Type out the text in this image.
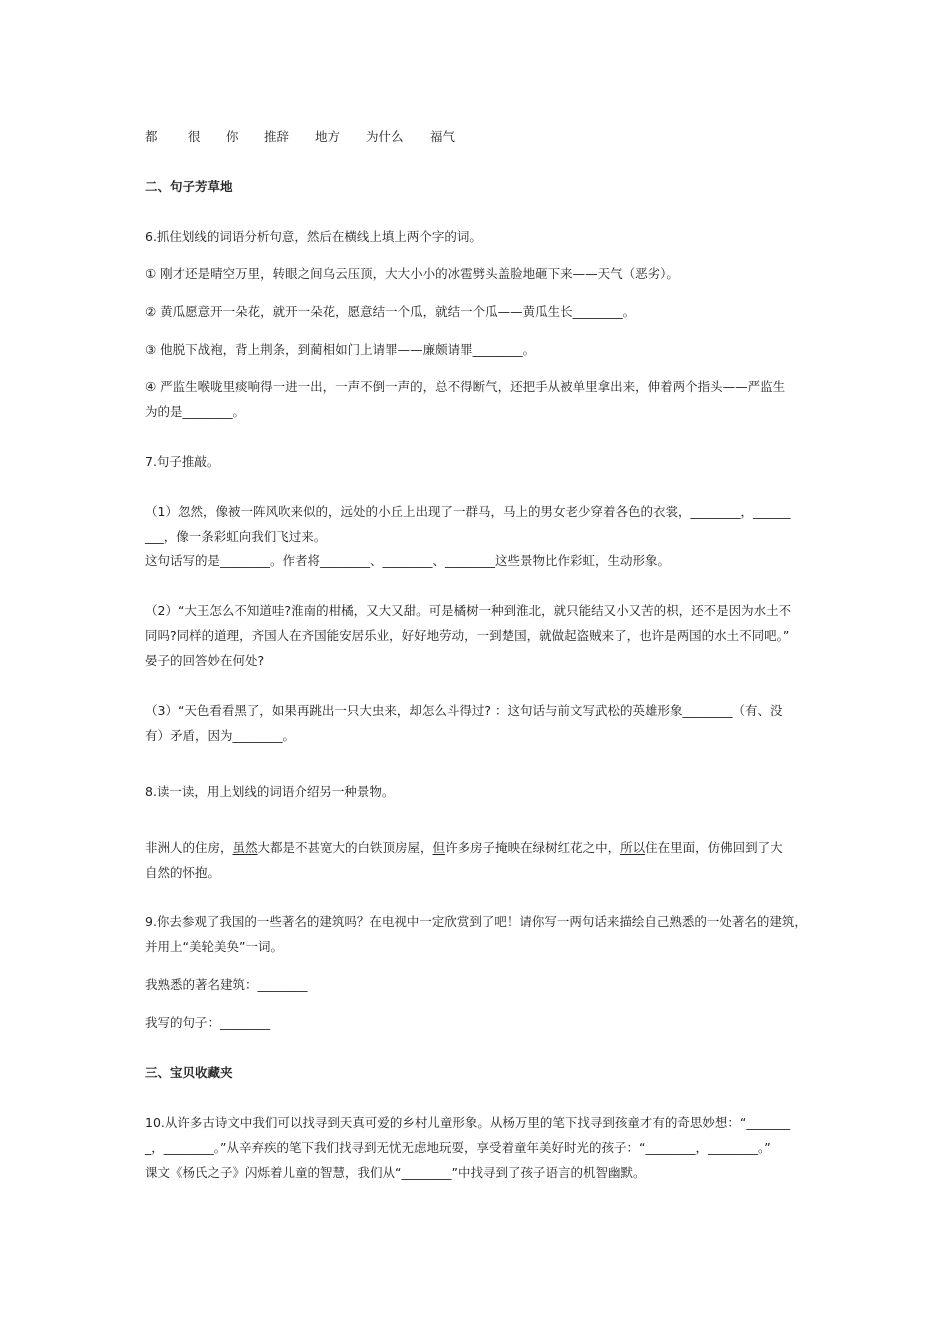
都	很	你	推辞	地方	为什么	福气
二、句子芳草地
6.抓住划线的词语分析句意，然后在横线上填上两个字的词。
① 刚才还是晴空万里，转眼之间乌云压顶，大大小小的冰雹劈头盖脸地砸下来——天气（恶劣）。
② 黄瓜愿意开一朵花，就开一朵花，愿意结一个瓜，就结一个瓜——黄瓜生长________。
③ 他脱下战袍，背上荆条，到蔺相如门上请罪——廉颇请罪________。
④ 严监生喉咙里痰响得一进一出，一声不倒一声的，总不得断气，还把手从被单里拿出来，伸着两个指头——严监生
为的是________。
7.句子推敲。
（1）忽然，像被一阵风吹来似的，远处的小丘上出现了一群马，马上的男女老少穿着各色的衣裳，________，______
___，像一条彩虹向我们飞过来。
这句话写的是________。作者将________、________、________这些景物比作彩虹，生动形象。
（2）“大王怎么不知道哇?淮南的柑橘，又大又甜。可是橘树一种到淮北，就只能结又小又苦的枳，还不是因为水土不
同吗?同样的道理，齐国人在齐国能安居乐业，好好地劳动，一到楚国，就做起盗贼来了，也许是两国的水土不同吧。”
晏子的回答妙在何处?
（3）“天色看看黑了，如果再跳出一只大虫来，却怎么斗得过? ：这句话与前文写武松的英雄形象________（有、没
有）矛盾，因为________。
8.读一读，用上划线的词语介绍另一种景物。
非洲人的住房，虽然大都是不甚宽大的白铁顶房屋，但许多房子掩映在绿树红花之中，所以住在里面，仿佛回到了大
自然的怀抱。
9.你去参观了我国的一些著名的建筑吗？在电视中一定欣赏到了吧！请你写一两句话来描绘自己熟悉的一处著名的建筑，
并用上“美轮美奂”一词。
我熟悉的著名建筑：________
我写的句子：________
三、宝贝收藏夹
10.从许多古诗文中我们可以找寻到天真可爱的乡村儿童形象。从杨万里的笔下找寻到孩童才有的奇思妙想：“_______
_，________。”从辛弃疾的笔下我们找寻到无忧无虑地玩耍，享受着童年美好时光的孩子：“________，________。”
课文《杨氏之子》闪烁着儿童的智慧，我们从“________”中找寻到了孩子语言的机智幽默。
